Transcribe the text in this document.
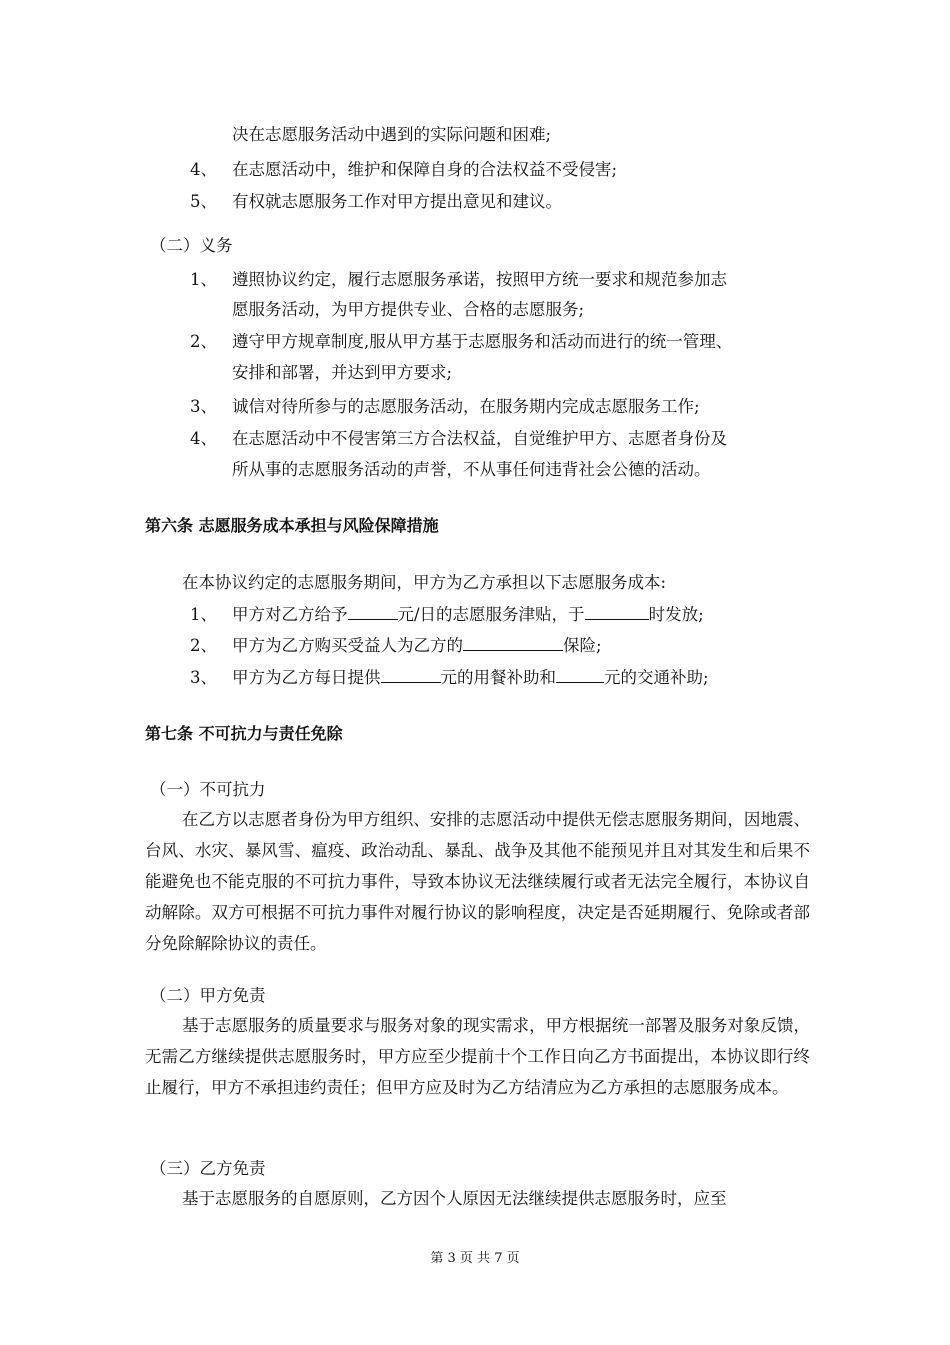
决在志愿服务活动中遇到的实际问题和困难;
4、 在志愿活动中，维护和保障自身的合法权益不受侵害;
5、 有权就志愿服务工作对甲方提出意见和建议。
（二）义务
1、 遵照协议约定，履行志愿服务承诺，按照甲方统一要求和规范参加志
愿服务活动，为甲方提供专业、合格的志愿服务;
2、 遵守甲方规章制度,服从甲方基于志愿服务和活动而进行的统一管理、
安排和部署，并达到甲方要求;
3、 诚信对待所参与的志愿服务活动，在服务期内完成志愿服务工作;
4、 在志愿活动中不侵害第三方合法权益，自觉维护甲方、志愿者身份及
所从事的志愿服务活动的声誉，不从事任何违背社会公德的活动。
第六条 志愿服务成本承担与风险保障措施
在本协议约定的志愿服务期间，甲方为乙方承担以下志愿服务成本:
1、 甲方对乙方给予	元/日的志愿服务津贴，于	时发放;
2、 甲方为乙方购买受益人为乙方的	保险;
3、 甲方为乙方每日提供	元的用餐补助和	元的交通补助;
第七条 不可抗力与责任免除
（一）不可抗力
在乙方以志愿者身份为甲方组织、安排的志愿活动中提供无偿志愿服务期间，因地震、台风、水灾、暴风雪、瘟疫、政治动乱、暴乱、战争及其他不能预见并且对其发生和后果不能避免也不能克服的不可抗力事件，导致本协议无法继续履行或者无法完全履行，本协议自动解除。双方可根据不可抗力事件对履行协议的影响程度，决定是否延期履行、免除或者部分免除解除协议的责任。
（二）甲方免责
基于志愿服务的质量要求与服务对象的现实需求，甲方根据统一部署及服务对象反馈，无需乙方继续提供志愿服务时，甲方应至少提前十个工作日向乙方书面提出，本协议即行终止履行，甲方不承担违约责任；但甲方应及时为乙方结清应为乙方承担的志愿服务成本。
（三）乙方免责
基于志愿服务的自愿原则，乙方因个人原因无法继续提供志愿服务时，应至
第 3 页 共 7 页
